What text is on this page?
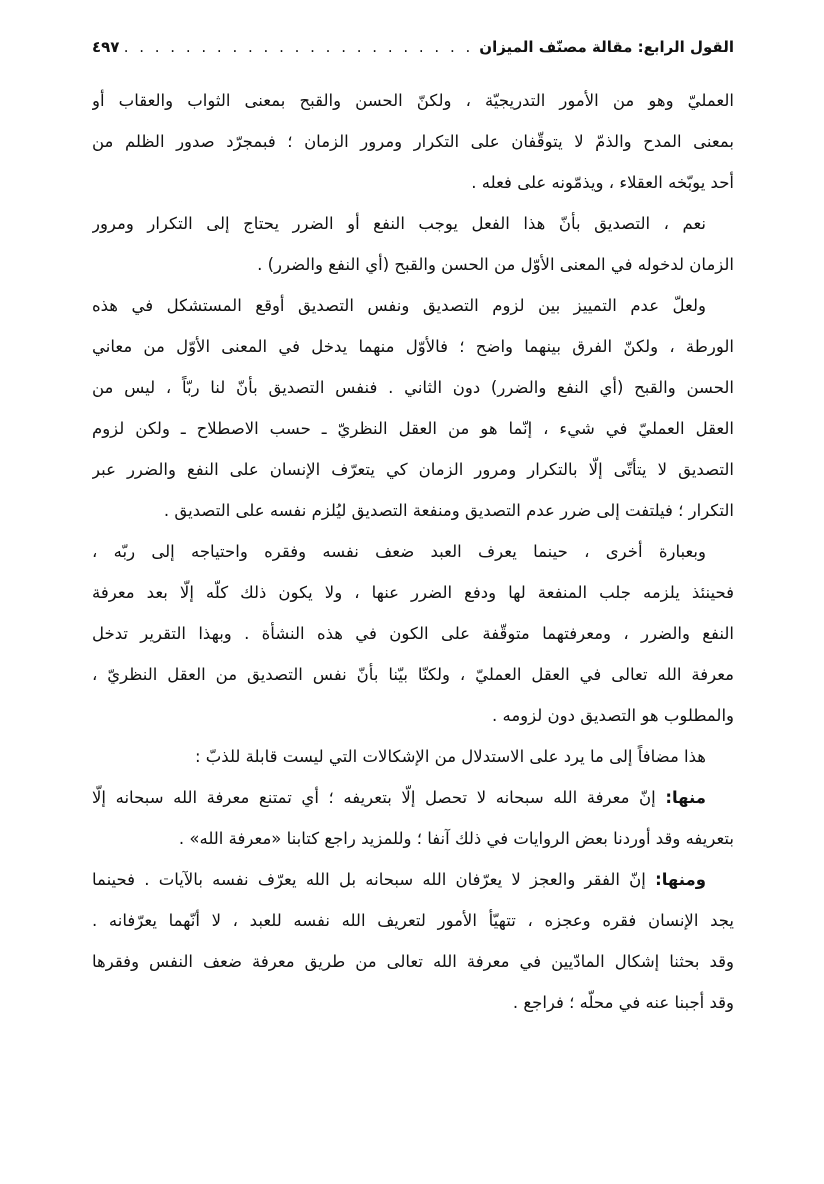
القول الرابع: مقالة مصنّف الميزان
. . .
٤٩٧
العمليّ وهو من الأمور التدريجيّة ، ولكنّ الحسن والقبح بمعنى الثواب والعقاب أو
بمعنى المدح والذمّ لا يتوقّفان على التكرار ومرور الزمان ؛ فبمجرّد صدور الظلم من
أحد يوبّخه العقلاء ، ويذمّونه على فعله .
نعم ، التصديق بأنّ هذا الفعل يوجب النفع أو الضرر يحتاج إلى التكرار ومرور
الزمان لدخوله في المعنى الأوّل من الحسن والقبح (أي النفع والضرر) .
ولعلّ عدم التمييز بين لزوم التصديق ونفس التصديق أوقع المستشكل في هذه
الورطة ، ولكنّ الفرق بينهما واضح ؛ فالأوّل منهما يدخل في المعنى الأوّل من معاني
الحسن والقبح (أي النفع والضرر) دون الثاني . فنفس التصديق بأنّ لنا ربّاً ، ليس من
العقل العمليّ في شيء ، إنّما هو من العقل النظريّ ـ حسب الاصطلاح ـ ولكن لزوم
التصديق لا يتأتّى إلّا بالتكرار ومرور الزمان كي يتعرّف الإنسان على النفع والضرر عبر
التكرار ؛ فيلتفت إلى ضرر عدم التصديق ومنفعة التصديق ليُلزم نفسه على التصديق .
وبعبارة أخرى ، حينما يعرف العبد ضعف نفسه وفقره واحتياجه إلى ربّه ،
فحينئذ يلزمه جلب المنفعة لها ودفع الضرر عنها ، ولا يكون ذلك كلّه إلّا بعد معرفة
النفع والضرر ، ومعرفتهما متوقّفة على الكون في هذه النشأة . وبهذا التقرير تدخل
معرفة الله تعالى في العقل العمليّ ، ولكنّا بيّنا بأنّ نفس التصديق من العقل النظريّ ،
والمطلوب هو التصديق دون لزومه .
هذا مضافاً إلى ما يرد على الاستدلال من الإشكالات التي ليست قابلة للذبّ :
منها: إنّ معرفة الله سبحانه لا تحصل إلّا بتعريفه ؛ أي تمتنع معرفة الله سبحانه إلّا
بتعريفه وقد أوردنا بعض الروايات في ذلك آنفا ؛ وللمزيد راجع كتابنا «معرفة الله» .
ومنها: إنّ الفقر والعجز لا يعرّفان الله سبحانه بل الله يعرّف نفسه بالآيات . فحينما
يجد الإنسان فقره وعجزه ، تتهيّأ الأمور لتعريف الله نفسه للعبد ، لا أنّهما يعرّفانه .
وقد بحثنا إشكال المادّيين في معرفة الله تعالى من طريق معرفة ضعف النفس وفقرها
وقد أجبنا عنه في محلّه ؛ فراجع .
